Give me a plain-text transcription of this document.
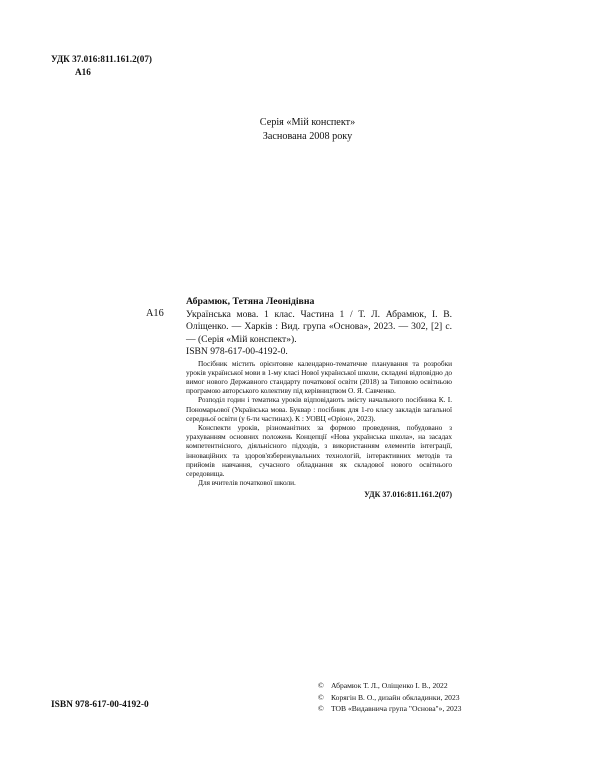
УДК 37.016:811.161.2(07)
А16
Серія «Мій конспект»
Заснована 2008 року
А16

Абрамюк, Тетяна Леонідівна

Українська мова. 1 клас. Частина 1 / Т. Л. Абрамюк, І. В. Оліщенко. — Харків : Вид. група «Основа», 2023. — 302, [2] с. — (Серія «Мій конспект»).

ISBN 978-617-00-4192-0.

Посібник містить орієнтовне календарно-тематичне планування та розробки уроків української мови в 1-му класі Нової української школи, складені відповідно до вимог нового Державного стандарту початкової освіти (2018) за Типовою освітньою програмою авторського колективу під керівництвом О. Я. Савченко.

Розподіл годин і тематика уроків відповідають змісту начального посібника К. І. Пономарьової (Українська мова. Буквар : посібник для 1-го класу закладів загальної середньої освіти (у 6-ти частинах). К : УОВЦ «Оріон», 2023).

Конспекти уроків, різноманітних за формою проведення, побудовано з урахуванням основних положень Концепції «Нова українська школа», на засадах компетентнісного, діяльнісного підходів, з використанням елементів інтеграції, інноваційних та здоров'язбережувальних технологій, інтерактивних методів та прийомів навчання, сучасного обладнання як складової нового освітнього середовища.

Для вчителів початкової школи.

УДК 37.016:811.161.2(07)
ISBN 978-617-00-4192-0
© Абрамюк Т. Л., Оліщенко І. В., 2022
© Корягін В. О., дизайн обкладинки, 2023
© ТОВ «Видавнича група "Основа"», 2023
